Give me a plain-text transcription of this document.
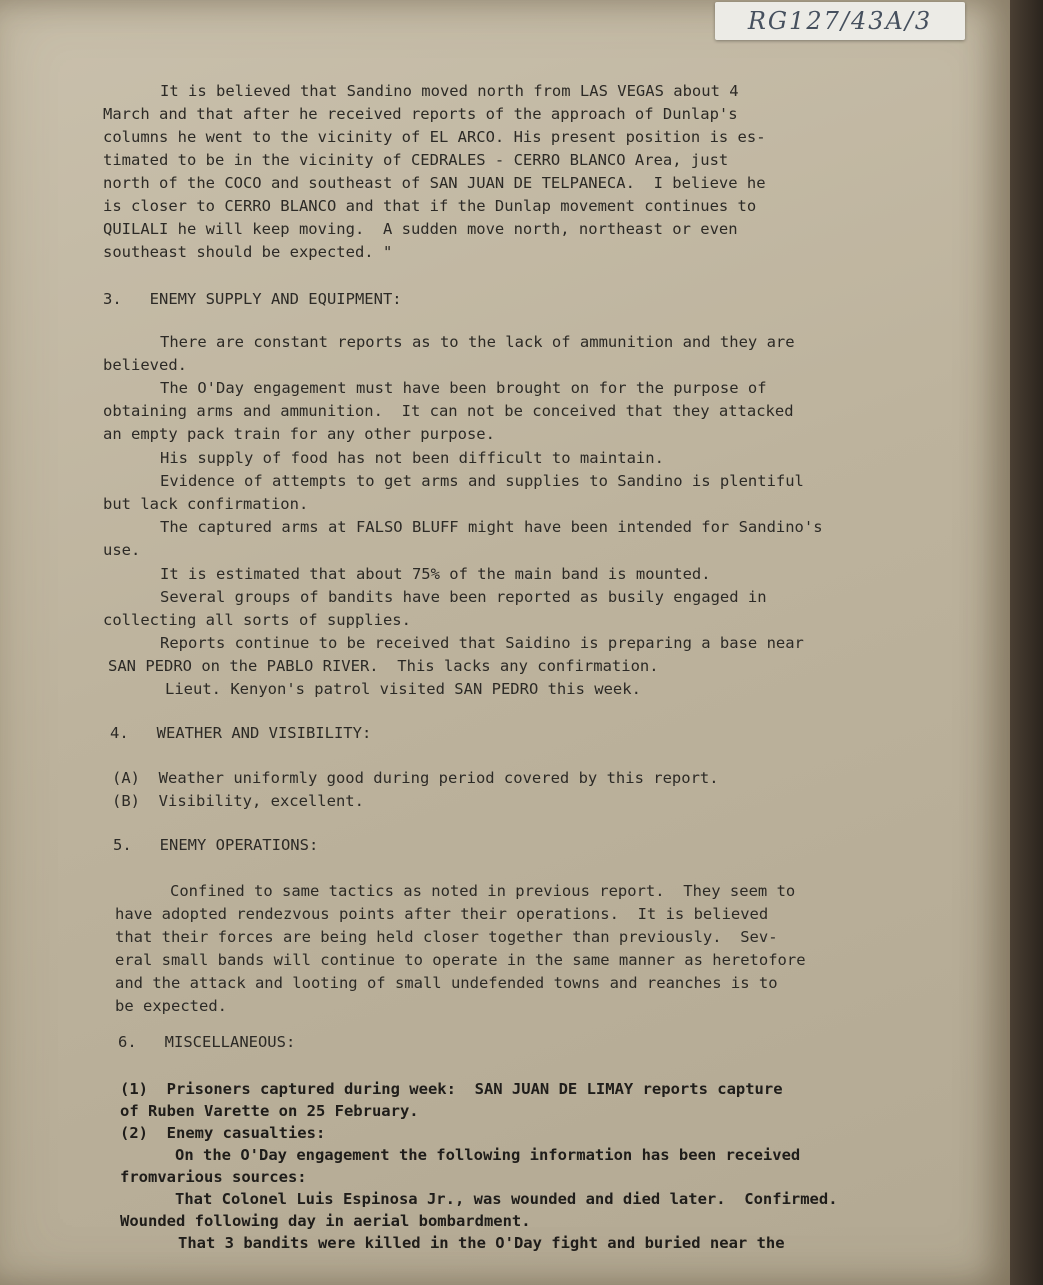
RG127/43A/3
It is believed that Sandino moved north from LAS VEGAS about 4
March and that after he received reports of the approach of Dunlap's
columns he went to the vicinity of EL ARCO. His present position is es-
timated to be in the vicinity of CEDRALES - CERRO BLANCO Area, just
north of the COCO and southeast of SAN JUAN DE TELPANECA.  I believe he
is closer to CERRO BLANCO and that if the Dunlap movement continues to
QUILALI he will keep moving.  A sudden move north, northeast or even
southeast should be expected. "
3.   ENEMY SUPPLY AND EQUIPMENT:
There are constant reports as to the lack of ammunition and they are
believed.
The O'Day engagement must have been brought on for the purpose of
obtaining arms and ammunition.  It can not be conceived that they attacked
an empty pack train for any other purpose.
His supply of food has not been difficult to maintain.
Evidence of attempts to get arms and supplies to Sandino is plentiful
but lack confirmation.
The captured arms at FALSO BLUFF might have been intended for Sandino's
use.
It is estimated that about 75% of the main band is mounted.
Several groups of bandits have been reported as busily engaged in
collecting all sorts of supplies.
Reports continue to be received that Saidino is preparing a base near
SAN PEDRO on the PABLO RIVER.  This lacks any confirmation.
Lieut. Kenyon's patrol visited SAN PEDRO this week.
4.   WEATHER AND VISIBILITY:
(A)  Weather uniformly good during period covered by this report.
(B)  Visibility, excellent.
5.   ENEMY OPERATIONS:
Confined to same tactics as noted in previous report.  They seem to
have adopted rendezvous points after their operations.  It is believed
that their forces are being held closer together than previously.  Sev-
eral small bands will continue to operate in the same manner as heretofore
and the attack and looting of small undefended towns and reanches is to
be expected.
6.   MISCELLANEOUS:
(1)  Prisoners captured during week:  SAN JUAN DE LIMAY reports capture
of Ruben Varette on 25 February.
(2)  Enemy casualties:
On the O'Day engagement the following information has been received
fromvarious sources:
That Colonel Luis Espinosa Jr., was wounded and died later.  Confirmed.
Wounded following day in aerial bombardment.
That 3 bandits were killed in the O'Day fight and buried near the
